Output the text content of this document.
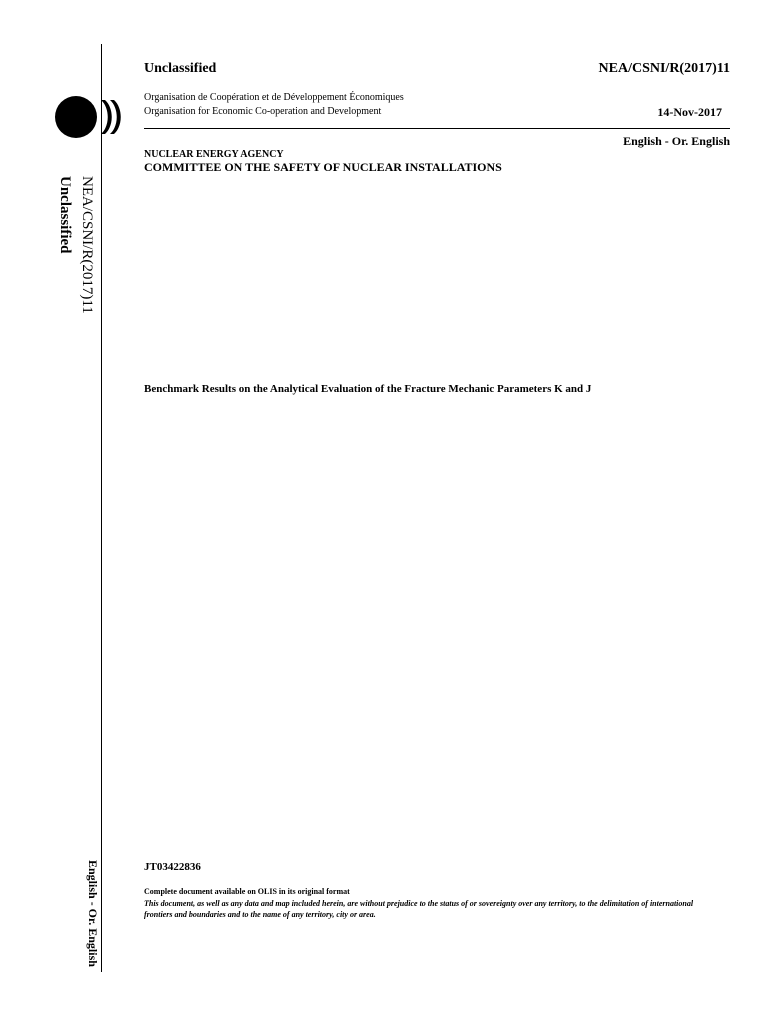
NEA/CSNI/R(2017)11
Unclassified
English - Or. English
Unclassified	NEA/CSNI/R(2017)11
Organisation de Coopération et de Développement Économiques
Organisation for Economic Co-operation and Development	14-Nov-2017
English - Or. English
NUCLEAR ENERGY AGENCY
COMMITTEE ON THE SAFETY OF NUCLEAR INSTALLATIONS
Benchmark Results on the Analytical Evaluation of the Fracture Mechanic Parameters K and J
JT03422836
Complete document available on OLIS in its original format
This document, as well as any data and map included herein, are without prejudice to the status of or sovereignty over any territory, to the delimitation of international frontiers and boundaries and to the name of any territory, city or area.
